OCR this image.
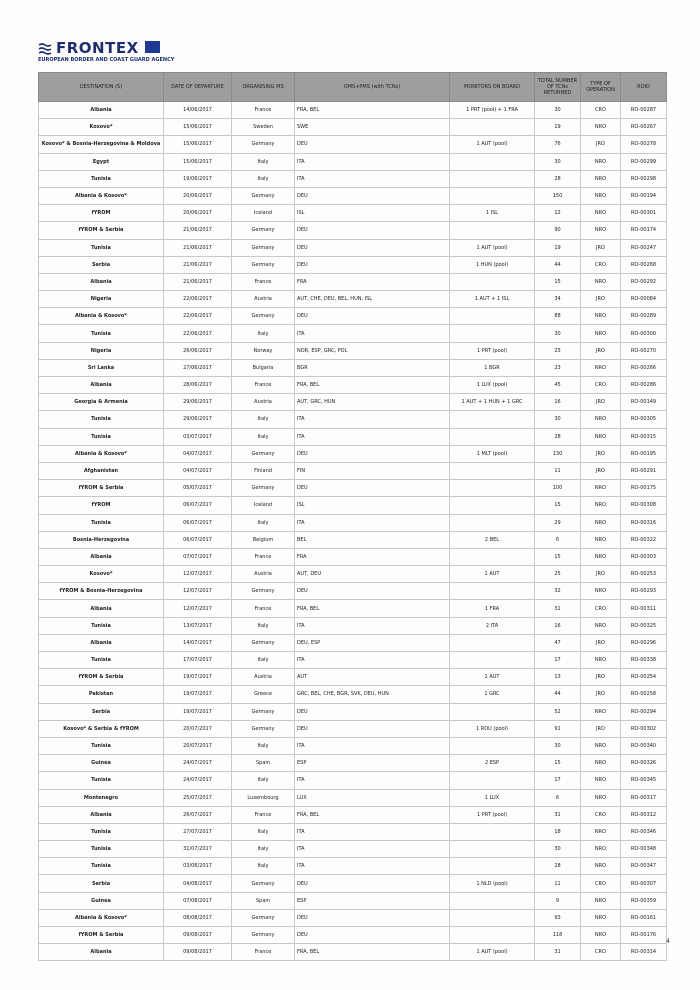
FRONTEX
EUROPEAN BORDER AND COAST GUARD AGENCY
DESTINATION (S)	DATE OF DEPARTURE	ORGANISING MS	OMS+PMS (with TCNs)	MONITORS ON BOARD	TOTAL NUMBER OF TCNs RETURNED	TYPE OF OPERATION	ROID
Albania	14/06/2017	France	FRA, BEL	1 PRT (pool) + 1 FRA	30	CRO	RO-00287
Kosovo*	15/06/2017	Sweden	SWE		19	NRO	RO-00267
Kosovo* & Bosnia-Herzegovina & Moldova	15/06/2017	Germany	DEU	1 AUT (pool)	76	JRO	RO-00278
Egypt	15/06/2017	Italy	ITA		30	NRO	RO-00299
Tunisia	19/06/2017	Italy	ITA		28	NRO	RO-00298
Albania & Kosovo*	20/06/2017	Germany	DEU		150	NRO	RO-00194
fYROM	20/06/2017	Iceland	ISL	1 ISL	12	NRO	RO-00301
fYROM & Serbia	21/06/2017	Germany	DEU		90	NRO	RO-00174
Tunisia	21/06/2017	Germany	DEU	1 AUT (pool)	19	JRO	RO-00247
Serbia	21/06/2017	Germany	DEU	1 HUN (pool)	44	CRO	RO-00268
Albania	21/06/2017	France	FRA		15	NRO	RO-00292
Nigeria	22/06/2017	Austria	AUT, CHE, DEU, BEL, HUN, ISL	1 AUT + 1 ISL	34	JRO	RO-00084
Albania & Kosovo*	22/06/2017	Germany	DEU		88	NRO	RO-00289
Tunisia	22/06/2017	Italy	ITA		30	NRO	RO-00300
Nigeria	26/06/2017	Norway	NOR, ESP, GRC, POL	1 PRT (pool)	23	JRO	RO-00270
Sri Lanka	27/06/2017	Bulgaria	BGR	1 BGR	23	NRO	RO-00266
Albania	28/06/2017	France	FRA, BEL	1 LUX (pool)	45	CRO	RO-00286
Georgia & Armenia	29/06/2017	Austria	AUT, GRC, HUN	1 AUT + 1 HUN + 1 GRC	16	JRO	RO-00149
Tunisia	29/06/2017	Italy	ITA		30	NRO	RO-00305
Tunisia	03/07/2017	Italy	ITA		28	NRO	RO-00315
Albania & Kosovo*	04/07/2017	Germany	DEU	1 MLT (pool)	130	JRO	RO-00195
Afghanistan	04/07/2017	Finland	FIN		11	JRO	RO-00291
fYROM & Serbia	05/07/2017	Germany	DEU		100	NRO	RO-00175
fYROM	06/07/2017	Iceland	ISL		15	NRO	RO-00308
Tunisia	06/07/2017	Italy	ITA		29	NRO	RO-00316
Bosnia-Herzegovina	06/07/2017	Belgium	BEL	2 BEL	6	NRO	RO-00322
Albania	07/07/2017	France	FRA		15	NRO	RO-00303
Kosovo*	12/07/2017	Austria	AUT, DEU	1 AUT	25	JRO	RO-00253
fYROM & Bosnia-Herzegovina	12/07/2017	Germany	DEU		32	NRO	RO-00293
Albania	12/07/2017	France	FRA, BEL	1 FRA	31	CRO	RO-00311
Tunisia	13/07/2017	Italy	ITA	2 ITA	16	NRO	RO-00325
Albania	14/07/2017	Germany	DEU, ESP		47	JRO	RO-00296
Tunisia	17/07/2017	Italy	ITA		17	NRO	RO-00338
fYROM & Serbia	19/07/2017	Austria	AUT	1 AUT	13	JRO	RO-00254
Pakistan	19/07/2017	Greece	GRC, BEL, CHE, BGR, SVK, DEU, HUN	1 GRC	44	JRO	RO-00258
Serbia	19/07/2017	Germany	DEU		52	NRO	RO-00294
Kosovo* & Serbia & fYROM	20/07/2017	Germany	DEU	1 ROU (pool)	91	JRO	RO-00302
Tunisia	20/07/2017	Italy	ITA		30	NRO	RO-00340
Guinea	24/07/2017	Spain	ESP	2 ESP	15	NRO	RO-00326
Tunisia	24/07/2017	Italy	ITA		17	NRO	RO-00345
Montenegro	25/07/2017	Luxembourg	LUX	1 LUX	6	NRO	RO-00317
Albania	26/07/2017	France	FRA, BEL	1 PRT (pool)	31	CRO	RO-00312
Tunisia	27/07/2017	Italy	ITA		18	NRO	RO-00346
Tunisia	31/07/2017	Italy	ITA		30	NRO	RO-00348
Tunisia	03/08/2017	Italy	ITA		28	NRO	RO-00347
Serbia	04/08/2017	Germany	DEU	1 NLD (pool)	11	CRO	RO-00307
Guinea	07/08/2017	Spain	ESP		9	NRO	RO-00359
Albania & Kosovo*	08/08/2017	Germany	DEU		93	NRO	RO-00161
fYROM & Serbia	09/08/2017	Germany	DEU		118	NRO	RO-00176
Albania	09/08/2017	France	FRA, BEL	1 AUT (pool)	31	CRO	RO-00314
4
